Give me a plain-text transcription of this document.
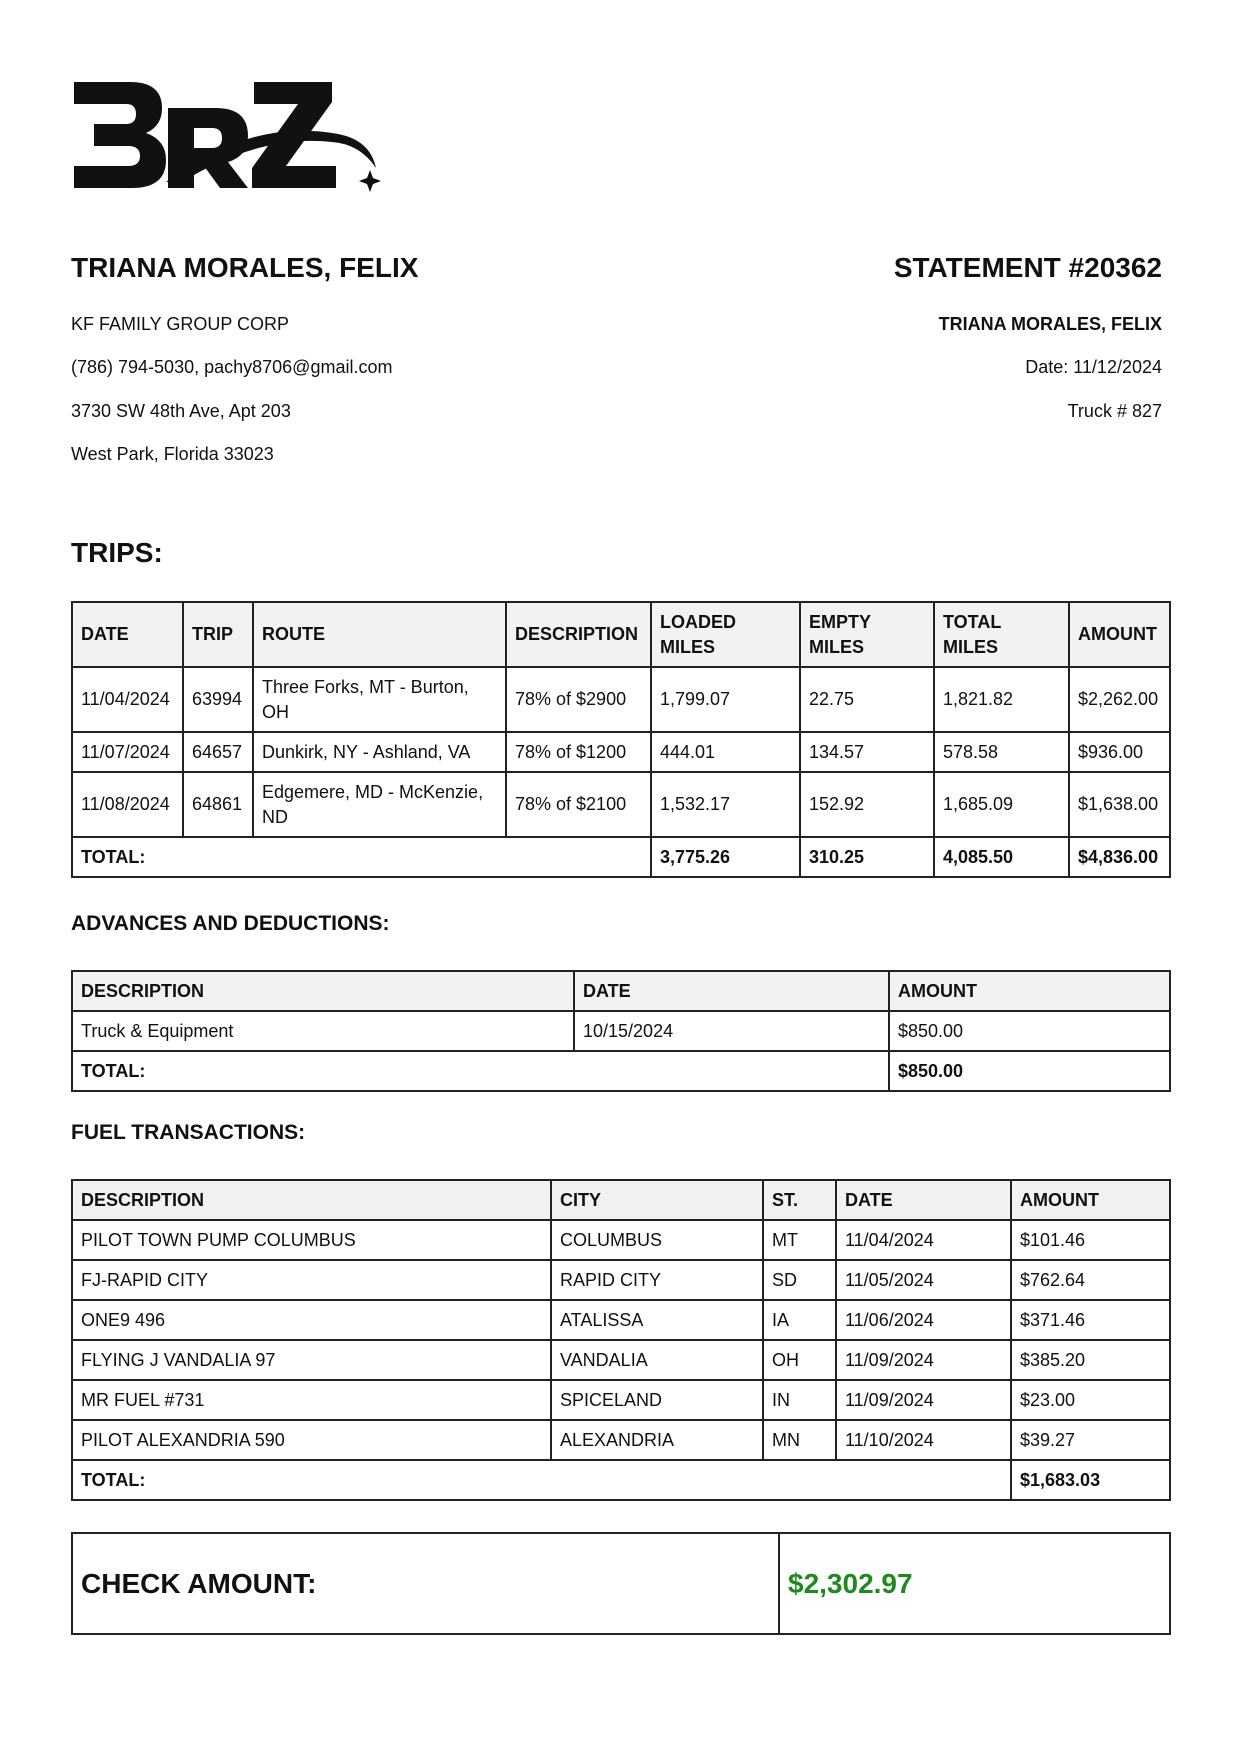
TRIANA MORALES, FELIX
KF FAMILY GROUP CORP
(786) 794-5030, pachy8706@gmail.com
3730 SW 48th Ave, Apt 203
West Park, Florida 33023
STATEMENT #20362
TRIANA MORALES, FELIX
Date: 11/12/2024
Truck # 827
TRIPS:
DATE	TRIP	ROUTE	DESCRIPTION	LOADED MILES	EMPTY MILES	TOTAL MILES	AMOUNT
11/04/2024	63994	Three Forks, MT - Burton, OH	78% of $2900	1,799.07	22.75	1,821.82	$2,262.00
11/07/2024	64657	Dunkirk, NY - Ashland, VA	78% of $1200	444.01	134.57	578.58	$936.00
11/08/2024	64861	Edgemere, MD - McKenzie, ND	78% of $2100	1,532.17	152.92	1,685.09	$1,638.00
TOTAL:				3,775.26	310.25	4,085.50	$4,836.00
ADVANCES AND DEDUCTIONS:
DESCRIPTION	DATE	AMOUNT
Truck & Equipment	10/15/2024	$850.00
TOTAL:		$850.00
FUEL TRANSACTIONS:
DESCRIPTION	CITY	ST.	DATE	AMOUNT
PILOT TOWN PUMP COLUMBUS	COLUMBUS	MT	11/04/2024	$101.46
FJ-RAPID CITY	RAPID CITY	SD	11/05/2024	$762.64
ONE9 496	ATALISSA	IA	11/06/2024	$371.46
FLYING J VANDALIA 97	VANDALIA	OH	11/09/2024	$385.20
MR FUEL #731	SPICELAND	IN	11/09/2024	$23.00
PILOT ALEXANDRIA 590	ALEXANDRIA	MN	11/10/2024	$39.27
TOTAL:				$1,683.03
CHECK AMOUNT:	$2,302.97
